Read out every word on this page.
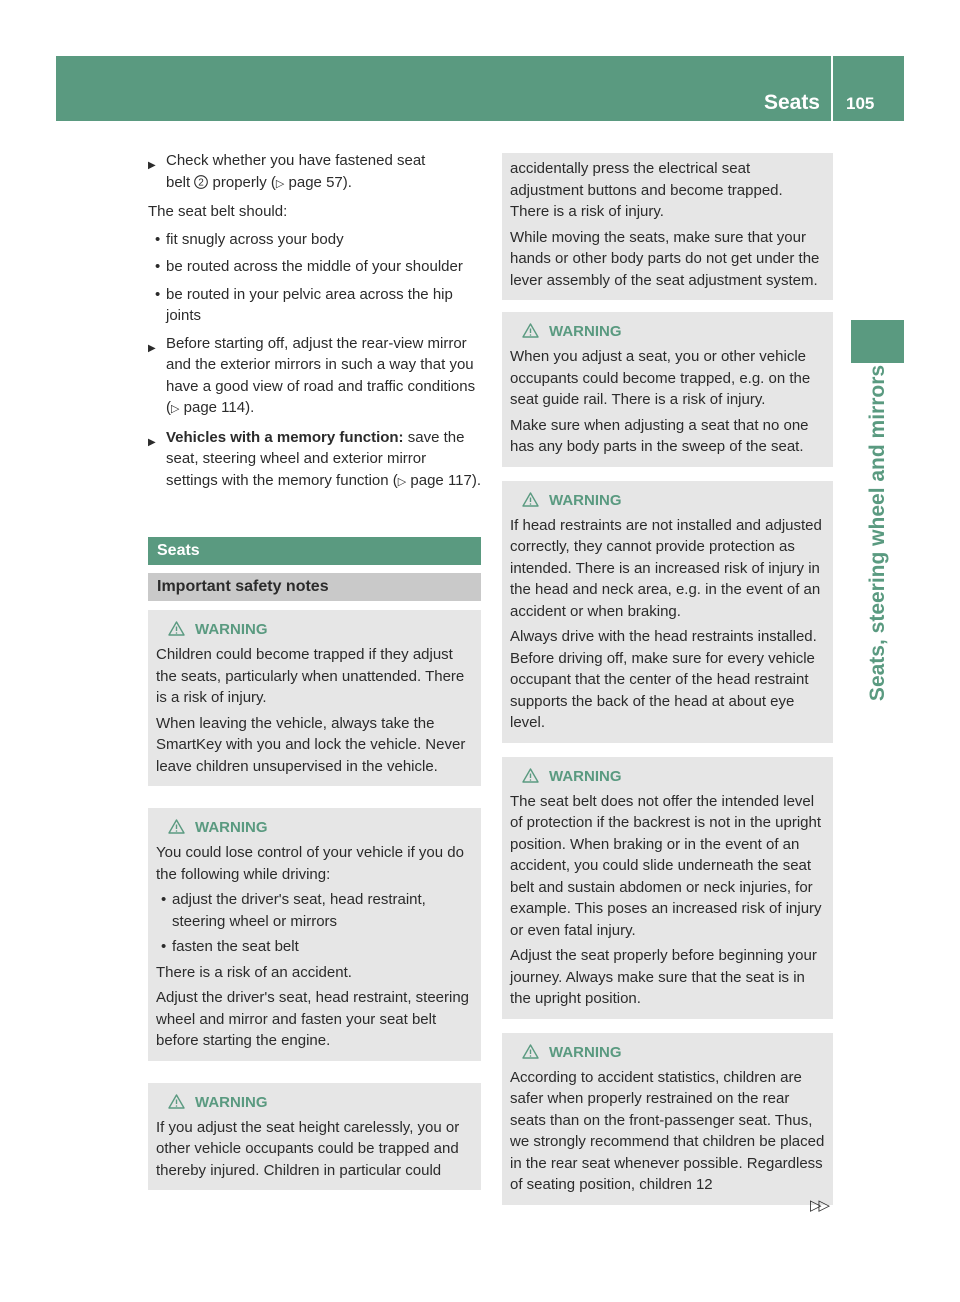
Seats 105
Seats, steering wheel and mirrors
▶ Check whether you have fastened seat
belt 2 properly (▷ page 57).

The seat belt should:

• fit snugly across your body
• be routed across the middle of your shoulder
• be routed in your pelvic area across the hip joints
▶ Before starting off, adjust the rear-view mirror and the exterior mirrors in such a way that you have a good view of road and traffic conditions (▷ page 114).
▶ Vehicles with a memory function: save the seat, steering wheel and exterior mirror settings with the memory function (▷ page 117).
Seats
Important safety notes
WARNING

Children could become trapped if they adjust the seats, particularly when unattended. There is a risk of injury.

When leaving the vehicle, always take the SmartKey with you and lock the vehicle. Never leave children unsupervised in the vehicle.

WARNING

You could lose control of your vehicle if you do the following while driving:

• adjust the driver's seat, head restraint, steering wheel or mirrors
• fasten the seat belt

There is a risk of an accident.

Adjust the driver's seat, head restraint, steering wheel and mirror and fasten your seat belt before starting the engine.

WARNING

If you adjust the seat height carelessly, you or other vehicle occupants could be trapped and thereby injured. Children in particular could

accidentally press the electrical seat adjustment buttons and become trapped. There is a risk of injury.

While moving the seats, make sure that your hands or other body parts do not get under the lever assembly of the seat adjustment system.

WARNING

When you adjust a seat, you or other vehicle occupants could become trapped, e.g. on the seat guide rail. There is a risk of injury.

Make sure when adjusting a seat that no one has any body parts in the sweep of the seat.

WARNING

If head restraints are not installed and adjusted correctly, they cannot provide protection as intended. There is an increased risk of injury in the head and neck area, e.g. in the event of an accident or when braking.

Always drive with the head restraints installed. Before driving off, make sure for every vehicle occupant that the center of the head restraint supports the back of the head at about eye level.

WARNING

The seat belt does not offer the intended level of protection if the backrest is not in the upright position. When braking or in the event of an accident, you could slide underneath the seat belt and sustain abdomen or neck injuries, for example. This poses an increased risk of injury or even fatal injury.

Adjust the seat properly before beginning your journey. Always make sure that the seat is in the upright position.

WARNING

According to accident statistics, children are safer when properly restrained on the rear seats than on the front-passenger seat. Thus, we strongly recommend that children be placed in the rear seat whenever possible. Regardless of seating position, children 12

▷▷
